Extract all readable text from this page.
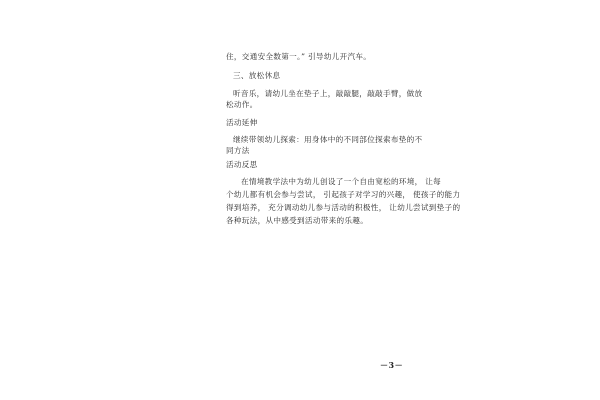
住，交通安全数第一。” 引导幼儿开汽车。
三、放松休息
听音乐，请幼儿坐在垫子上，敲敲腿，敲敲手臂，做放
松动作。
活动延伸
继续带领幼儿探索：用身体中的不同部位探索布垫的不
同方法
活动反思
在情境教学法中为幼儿创设了一个自由宽松的环境， 让每
个幼儿都有机会参与尝试， 引起孩子对学习的兴趣， 使孩子的能力
得到培养， 充分调动幼儿参与活动的积极性， 让幼儿尝试到垫子的
各种玩法，从中感受到活动带来的乐趣。
－3－
